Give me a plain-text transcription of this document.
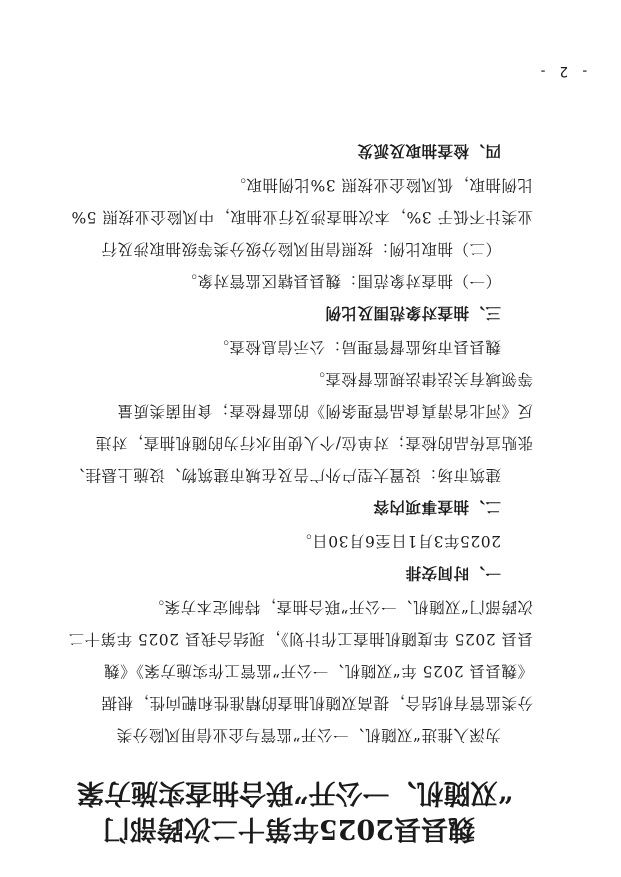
- 2 -
魏县县2025年第十二次跨部门
“双随机、一公开”联合抽查实施方案
为深入推进“双随机、一公开”监管与企业信用风险分类
分类监管有机结合，提高双随机抽查的精准性和靶向性，根据
《魏县县 2025 年“双随机、一公开”监管工作实施方案》《魏
县县 2025 年度随机抽查工作计划》，现结合我县 2025 年第十二
次跨部门“双随机、一公开”联合抽查，特制定本方案。
一、时间安排
2025年3月1日至6月30日。
二、抽查事项内容
建筑市场：设置大型户外广告及在城市建筑物、设施上悬挂、
张贴宣传品的检查；对单位/个人使用水行为的随机抽查，对违
反《河北省清真食品管理条例》的监督检查；食用菌类质量
等领域有关法律法规监督检查。
魏县县市场监督管理局：公示信息检查。
三、抽查对象范围及比例
（一）抽查对象范围：魏县县辖区监管对象。
（二）抽取比例：按照信用风险分级分类等级抽取涉及行
业类计不低于 3%，本次抽查涉及行业抽取，中风险企业按照 5%
比例抽取，低风险企业按照 3%比例抽取。
四、检查抽取及派发
